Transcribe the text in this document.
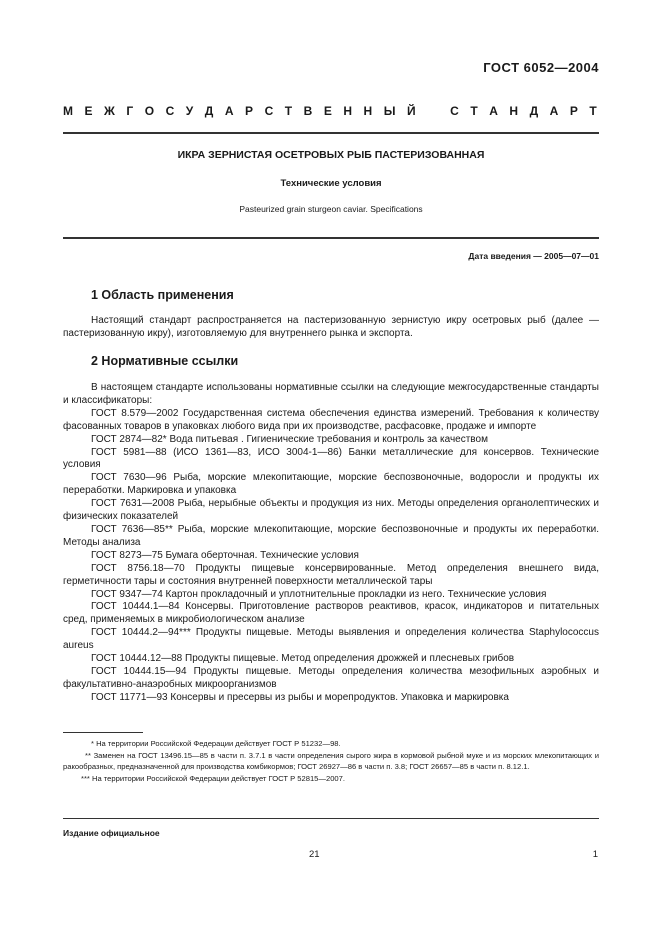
ГОСТ 6052—2004
М Е Ж Г О С У Д А Р С Т В Е Н Н Ы Й	С Т А Н Д А Р Т
ИКРА ЗЕРНИСТАЯ ОСЕТРОВЫХ РЫБ ПАСТЕРИЗОВАННАЯ
Технические условия
Pasteurized grain sturgeon caviar. Specifications
Дата введения — 2005—07—01
1 Область применения

Настоящий стандарт распространяется на пастеризованную зернистую икру осетровых рыб (далее — пастеризованную икру), изготовляемую для внутреннего рынка и экспорта.

2 Нормативные ссылки

В настоящем стандарте использованы нормативные ссылки на следующие межгосударственные стандарты и классификаторы:

ГОСТ 8.579—2002 Государственная система обеспечения единства измерений. Требования к количеству фасованных товаров в упаковках любого вида при их производстве, расфасовке, продаже и импорте

ГОСТ 2874—82* Вода питьевая . Гигиенические требования и контроль за качеством

ГОСТ 5981—88 (ИСО 1361—83, ИСО 3004-1—86) Банки металлические для консервов. Технические условия

ГОСТ 7630—96 Рыба, морские млекопитающие, морские беспозвоночные, водоросли и продукты их переработки. Маркировка и упаковка

ГОСТ 7631—2008 Рыба, нерыбные объекты и продукция из них. Методы определения органолептических и физических показателей

ГОСТ 7636—85** Рыба, морские млекопитающие, морские беспозвоночные и продукты их переработки. Методы анализа

ГОСТ 8273—75 Бумага оберточная. Технические условия

ГОСТ 8756.18—70 Продукты пищевые консервированные. Метод определения внешнего вида, герметичности тары и состояния внутренней поверхности металлической тары

ГОСТ 9347—74 Картон прокладочный и уплотнительные прокладки из него. Технические условия

ГОСТ 10444.1—84 Консервы. Приготовление растворов реактивов, красок, индикаторов и питательных сред, применяемых в микробиологическом анализе

ГОСТ 10444.2—94*** Продукты пищевые. Методы выявления и определения количества Staphylococcus aureus

ГОСТ 10444.12—88 Продукты пищевые. Метод определения дрожжей и плесневых грибов

ГОСТ 10444.15—94 Продукты пищевые. Методы определения количества мезофильных аэробных и факультативно-анаэробных микроорганизмов

ГОСТ 11771—93 Консервы и пресервы из рыбы и морепродуктов. Упаковка и маркировка

* На территории Российской Федерации действует ГОСТ Р 51232—98.

** Заменен на ГОСТ 13496.15—85 в части п. 3.7.1 в части определения сырого жира в кормовой рыбной муке и из морских млекопитающих и ракообразных, предназначенной для производства комбикормов; ГОСТ 26927—86 в части п. 3.8; ГОСТ 26657—85 в части п. 8.12.1.

*** На территории Российской Федерации действует ГОСТ Р 52815—2007.

Издание официальное
21	1
